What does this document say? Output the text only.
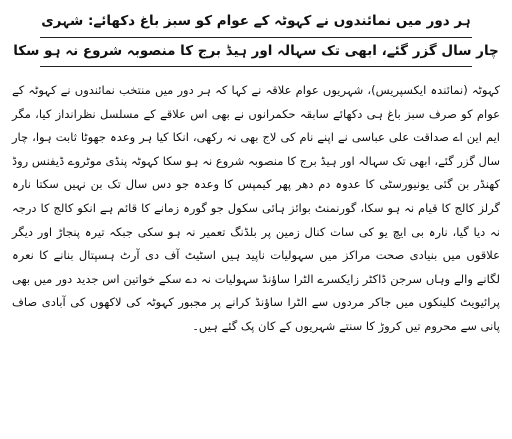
ہر دور میں نمائندوں نے کہوٹہ کے عوام کو سبز باغ دکھائے: شہری
چار سال گزر گئے، ابھی تک سہالہ اور ہیڈ برج کا منصوبہ شروع نہ ہو سکا

کہوٹہ (نمائندہ ایکسپریس)، شہریوں عوام علاقہ نے کہا کہ ہر دور میں منتخب نمائندوں نے کہوٹہ کے عوام کو صرف سبز باغ ہی دکھائے سابقہ حکمرانوں نے بھی اس علاقے کے مسلسل نظرانداز کیا، مگر ایم این اے صداقت علی عباسی نے اپنے نام کی لاج بھی نہ رکھی، انکا کیا ہر وعدہ جھوٹا ثابت ہوا، چار سال گزر گئے، ابھی تک سہالہ اور ہیڈ برج کا منصوبہ شروع نہ ہو سکا کہوٹہ پنڈی موٹروے ڈیفنس روڈ کھنڈر بن گئی یونیورسٹی کا عدوہ دم دھر پھر کیمپس کا وعدہ جو دس سال تک بن نہیں سکتا نارہ گرلز کالج کا قیام نہ ہو سکا، گورنمنٹ بوائز ہائی سکول جو گورہ زمانے کا قائم ہے انکو کالج کا درجہ نہ دیا گیا، نارہ بی ایچ یو کی سات کنال زمین پر بلڈنگ تعمیر نہ ہو سکی جبکہ تیرہ پنجاڑ اور دیگر علاقوں میں بنیادی صحت مراکز میں سہولیات ناپید ہیں اسٹیٹ آف دی آرٹ ہسپتال بنانے کا نعرہ لگانے والے وہاں سرجن ڈاکٹر زایکسرے الٹرا ساؤنڈ سہولیات نہ دے سکے خواتین اس جدید دور میں بھی پرائیویٹ کلینکوں میں جاکر مردوں سے الٹرا ساؤنڈ کرانے پر مجبور کہوٹہ کی لاکھوں کی آبادی صاف پانی سے محروم تیں کروڑ کا سنتے شہریوں کے کان پک گئے ہیں۔
